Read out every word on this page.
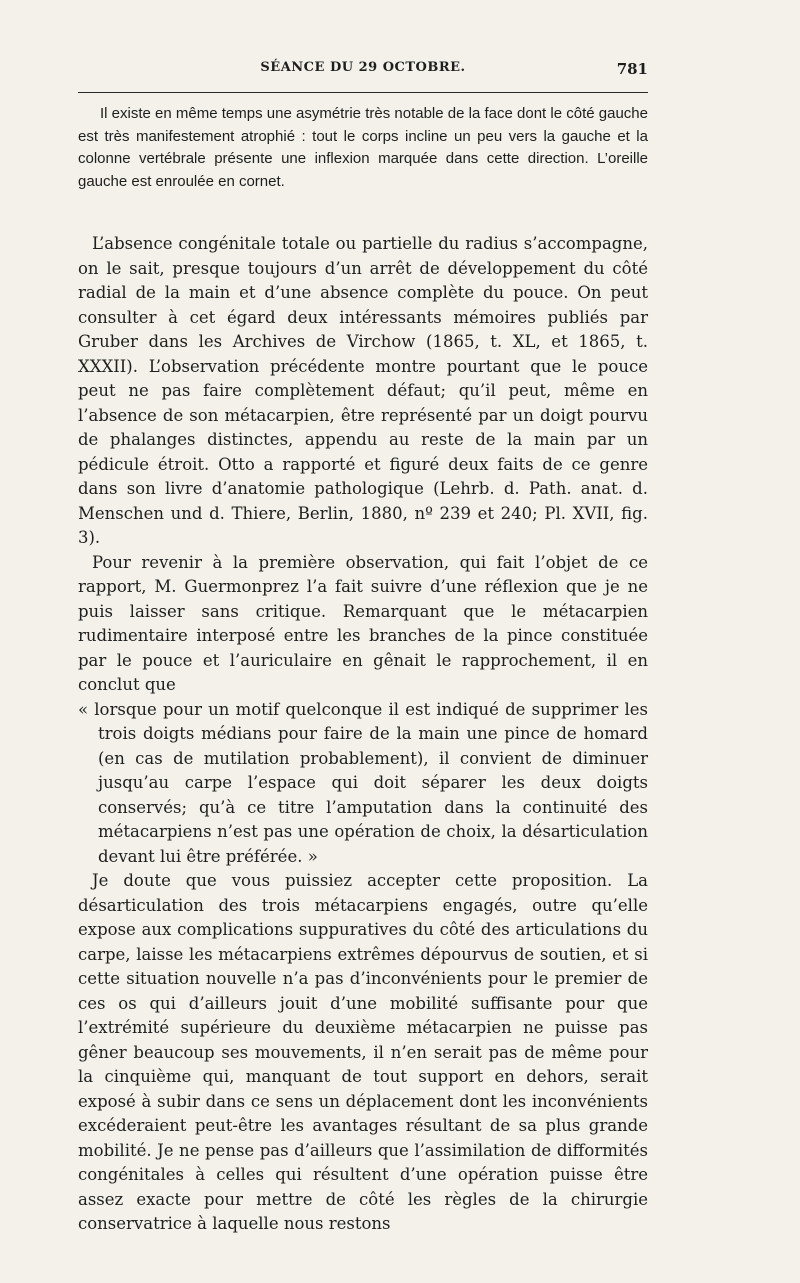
SÉANCE DU 29 OCTOBRE.	781

Il existe en même temps une asymétrie très notable de la face dont le côté gauche est très manifestement atrophié : tout le corps incline un peu vers la gauche et la colonne vertébrale présente une inflexion marquée dans cette direction. L’oreille gauche est enroulée en cornet.

L’absence congénitale totale ou partielle du radius s’accompagne, on le sait, presque toujours d’un arrêt de développement du côté radial de la main et d’une absence complète du pouce. On peut consulter à cet égard deux intéressants mémoires publiés par Gruber dans les Archives de Virchow (1865, t. XL, et 1865, t. XXXII). L’observation précédente montre pourtant que le pouce peut ne pas faire complètement défaut; qu’il peut, même en l’absence de son métacarpien, être représenté par un doigt pourvu de phalanges distinctes, appendu au reste de la main par un pédicule étroit. Otto a rapporté et figuré deux faits de ce genre dans son livre d’anatomie pathologique (Lehrb. d. Path. anat. d. Menschen und d. Thiere, Berlin, 1880, nº 239 et 240; Pl. XVII, fig. 3).

Pour revenir à la première observation, qui fait l’objet de ce rapport, M. Guermonprez l’a fait suivre d’une réflexion que je ne puis laisser sans critique. Remarquant que le métacarpien rudimentaire interposé entre les branches de la pince constituée par le pouce et l’auriculaire en gênait le rapprochement, il en conclut que
« lorsque pour un motif quelconque il est indiqué de supprimer les trois doigts médians pour faire de la main une pince de homard (en cas de mutilation probablement), il convient de diminuer jusqu’au carpe l’espace qui doit séparer les deux doigts conservés; qu’à ce titre l’amputation dans la continuité des métacarpiens n’est pas une opération de choix, la désarticulation devant lui être préférée. »

Je doute que vous puissiez accepter cette proposition. La désarticulation des trois métacarpiens engagés, outre qu’elle expose aux complications suppuratives du côté des articulations du carpe, laisse les métacarpiens extrêmes dépourvus de soutien, et si cette situation nouvelle n’a pas d’inconvénients pour le premier de ces os qui d’ailleurs jouit d’une mobilité suffisante pour que l’extrémité supérieure du deuxième métacarpien ne puisse pas gêner beaucoup ses mouvements, il n’en serait pas de même pour la cinquième qui, manquant de tout support en dehors, serait exposé à subir dans ce sens un déplacement dont les inconvénients excéderaient peut-être les avantages résultant de sa plus grande mobilité. Je ne pense pas d’ailleurs que l’assimilation de difformités congénitales à celles qui résultent d’une opération puisse être assez exacte pour mettre de côté les règles de la chirurgie conservatrice à laquelle nous restons
